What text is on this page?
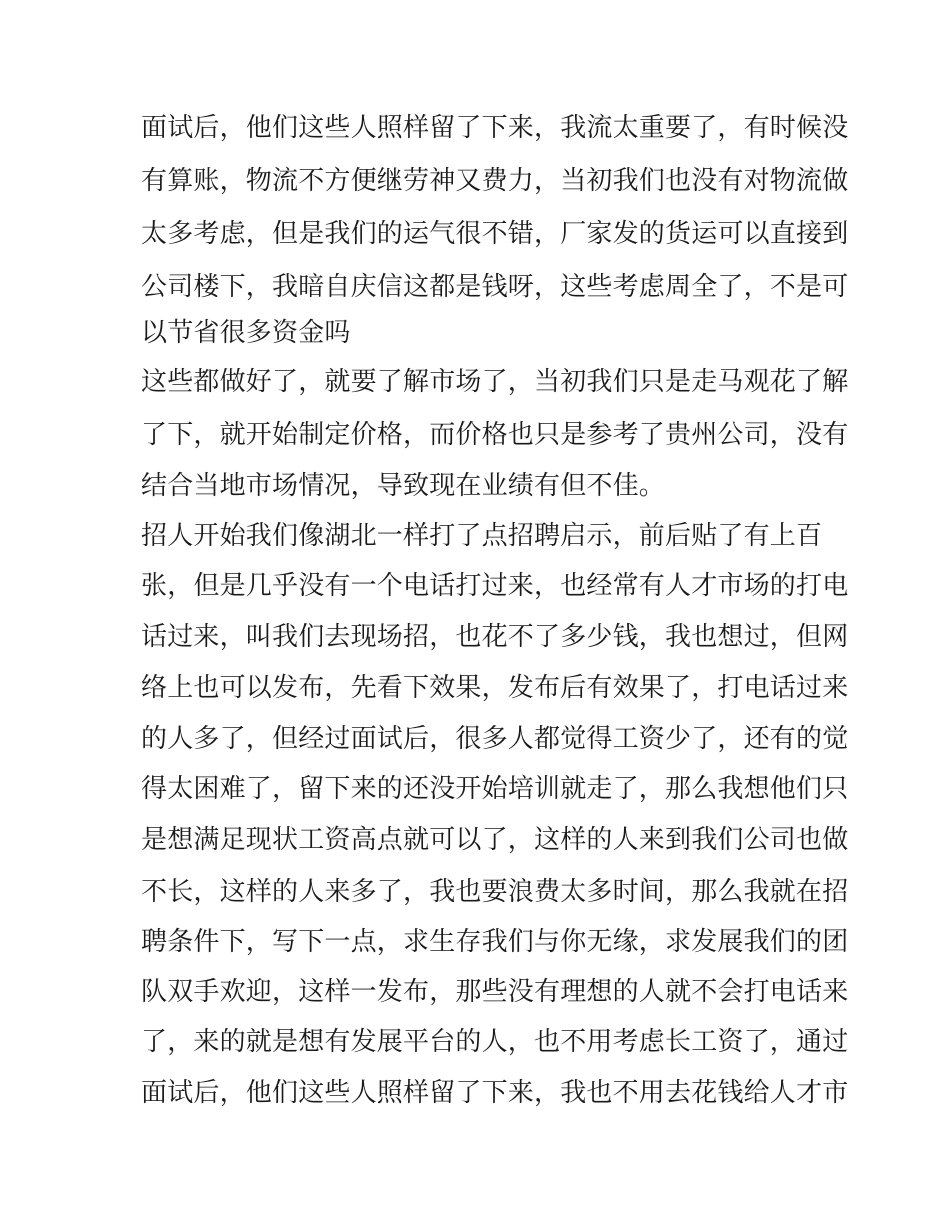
面试后，他们这些人照样留了下来，我流太重要了，有时候没
有算账，物流不方便继劳神又费力，当初我们也没有对物流做
太多考虑，但是我们的运气很不错，厂家发的货运可以直接到
公司楼下，我暗自庆信这都是钱呀，这些考虑周全了，不是可
以节省很多资金吗
这些都做好了，就要了解市场了，当初我们只是走马观花了解
了下，就开始制定价格，而价格也只是参考了贵州公司，没有
结合当地市场情况，导致现在业绩有但不佳。
招人开始我们像湖北一样打了点招聘启示，前后贴了有上百
张，但是几乎没有一个电话打过来，也经常有人才市场的打电
话过来，叫我们去现场招，也花不了多少钱，我也想过，但网
络上也可以发布，先看下效果，发布后有效果了，打电话过来
的人多了，但经过面试后，很多人都觉得工资少了，还有的觉
得太困难了，留下来的还没开始培训就走了，那么我想他们只
是想满足现状工资高点就可以了，这样的人来到我们公司也做
不长，这样的人来多了，我也要浪费太多时间，那么我就在招
聘条件下，写下一点，求生存我们与你无缘，求发展我们的团
队双手欢迎，这样一发布，那些没有理想的人就不会打电话来
了，来的就是想有发展平台的人，也不用考虑长工资了，通过
面试后，他们这些人照样留了下来，我也不用去花钱给人才市
